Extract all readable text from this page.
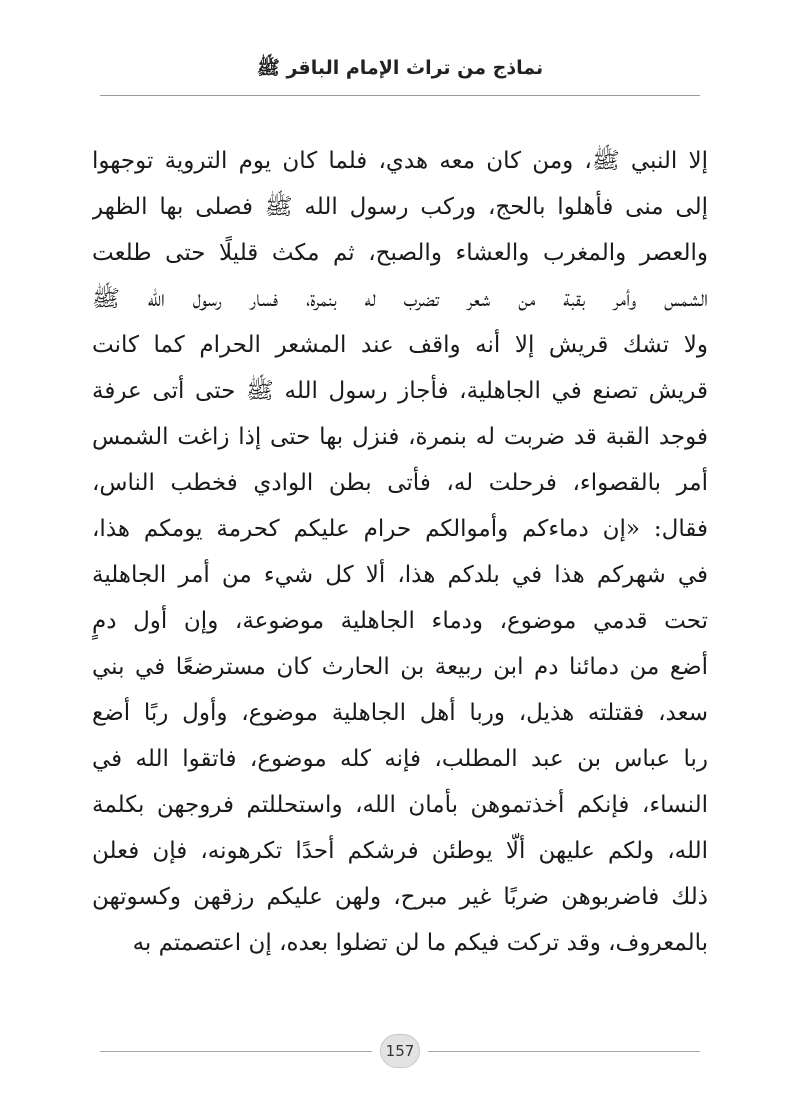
نماذج من تراث الإمام الباقر ﷺ
إلا النبي ﷺ، ومن كان معه هدي، فلما كان يوم التروية توجهوا
إلى منى فأهلوا بالحج، وركب رسول الله ﷺ فصلى بها الظهر
والعصر والمغرب والعشاء والصبح، ثم مكث قليلًا حتى طلعت
الشمس وأمر بقبة من شعر تضرب له بنمرة، فسار رسول الله ﷺ
ولا تشك قريش إلا أنه واقف عند المشعر الحرام كما كانت
قريش تصنع في الجاهلية، فأجاز رسول الله ﷺ حتى أتى عرفة
فوجد القبة قد ضربت له بنمرة، فنزل بها حتى إذا زاغت الشمس
أمر بالقصواء، فرحلت له، فأتى بطن الوادي فخطب الناس،
فقال: «إن دماءكم وأموالكم حرام عليكم كحرمة يومكم هذا،
في شهركم هذا في بلدكم هذا، ألا كل شيء من أمر الجاهلية
تحت قدمي موضوع، ودماء الجاهلية موضوعة، وإن أول دمٍ
أضع من دمائنا دم ابن ربيعة بن الحارث كان مسترضعًا في بني
سعد، فقتلته هذيل، وربا أهل الجاهلية موضوع، وأول ربًا أضع
ربا عباس بن عبد المطلب، فإنه كله موضوع، فاتقوا الله في
النساء، فإنكم أخذتموهن بأمان الله، واستحللتم فروجهن بكلمة
الله، ولكم عليهن ألّا يوطئن فرشكم أحدًا تكرهونه، فإن فعلن
ذلك فاضربوهن ضربًا غير مبرح، ولهن عليكم رزقهن وكسوتهن
بالمعروف، وقد تركت فيكم ما لن تضلوا بعده، إن اعتصمتم به
157
